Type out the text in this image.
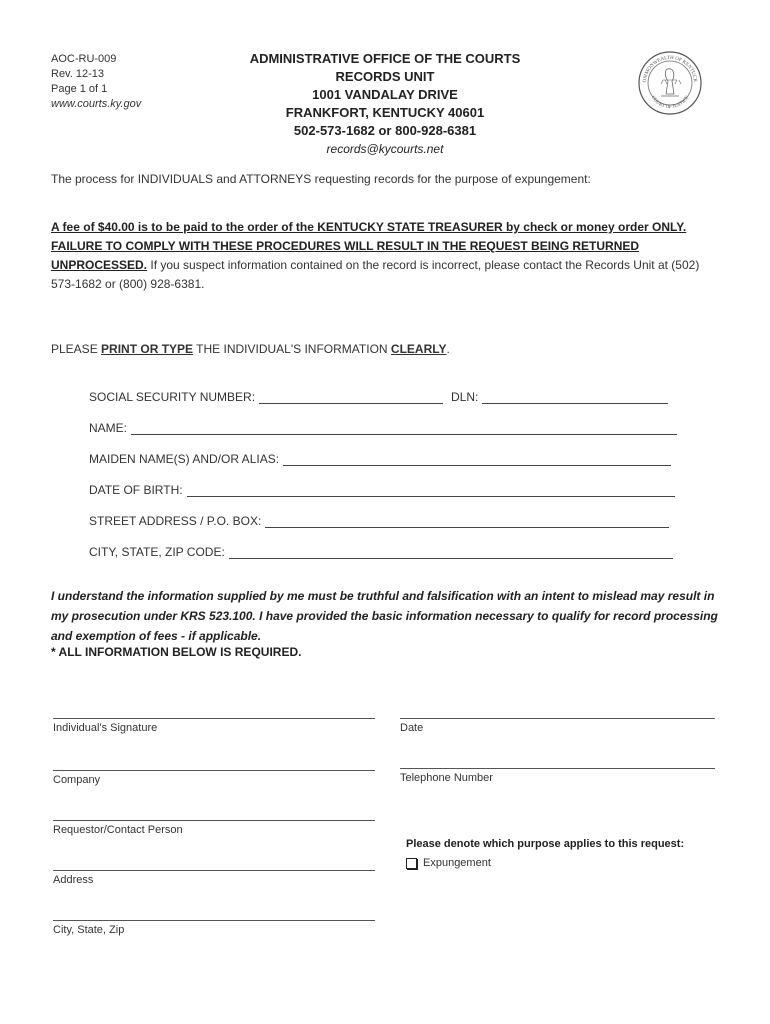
AOC-RU-009
Rev. 12-13
Page 1 of 1
www.courts.ky.gov
ADMINISTRATIVE OFFICE OF THE COURTS
RECORDS UNIT
1001 VANDALAY DRIVE
FRANKFORT, KENTUCKY 40601
502-573-1682 or 800-928-6381
records@kycourts.net
OMMONWEALTH OF KENTUCK
COURT OF JUSTICE
The process for INDIVIDUALS and ATTORNEYS requesting records for the purpose of expungement:
A fee of $40.00 is to be paid to the order of the KENTUCKY STATE TREASURER by check or money order ONLY. FAILURE TO COMPLY WITH THESE PROCEDURES WILL RESULT IN THE REQUEST BEING RETURNED UNPROCESSED. If you suspect information contained on the record is incorrect, please contact the Records Unit at (502) 573-1682 or (800) 928-6381.
PLEASE PRINT OR TYPE THE INDIVIDUAL'S INFORMATION CLEARLY.
SOCIAL SECURITY NUMBER:	DLN:
NAME:
MAIDEN NAME(S) AND/OR ALIAS:
DATE OF BIRTH:
STREET ADDRESS / P.O. BOX:
CITY, STATE, ZIP CODE:
I understand the information supplied by me must be truthful and falsification with an intent to mislead may result in my prosecution under KRS 523.100. I have provided the basic information necessary to qualify for record processing and exemption of fees - if applicable.
* ALL INFORMATION BELOW IS REQUIRED.
Individual's Signature	Date
Company	Telephone Number
Requestor/Contact Person
Address
City, State, Zip
Please denote which purpose applies to this request:
Expungement
